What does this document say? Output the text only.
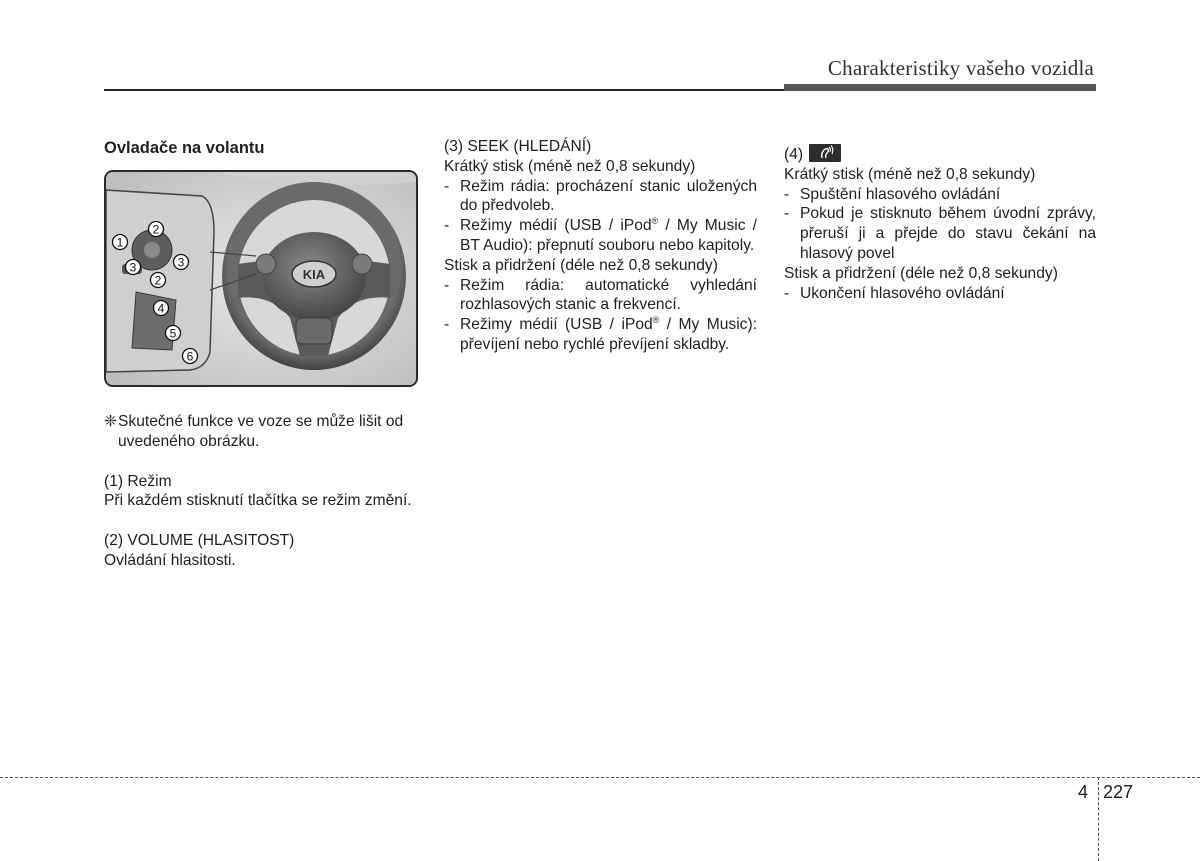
Charakteristiky vašeho vozidla

Ovladače na volantu

KIA
1
2
3
2
3
4
5
6

❈ Skutečné funkce ve voze se může lišit od uvedeného obrázku.

(1) Režim

Při každém stisknutí tlačítka se režim změní.

(2) VOLUME (HLASITOST)

Ovládání hlasitosti.

(3) SEEK (HLEDÁNÍ)

Krátký stisk (méně než 0,8 sekundy)

- Režim rádia: procházení stanic uložených do předvoleb.
- Režimy médií (USB / iPod® / My Music / BT Audio): přepnutí souboru nebo kapitoly.

Stisk a přidržení (déle než 0,8 sekundy)

- Režim rádia: automatické vyhledání rozhlasových stanic a frekvencí.
- Režimy médií (USB / iPod® / My Music): převíjení nebo rychlé převíjení skladby.

(4)

Krátký stisk (méně než 0,8 sekundy)

- Spuštění hlasového ovládání
- Pokud je stisknuto během úvodní zprávy, přeruší ji a přejde do stavu čekání na hlasový povel

Stisk a přidržení (déle než 0,8 sekundy)

- Ukončení hlasového ovládání
4 227
